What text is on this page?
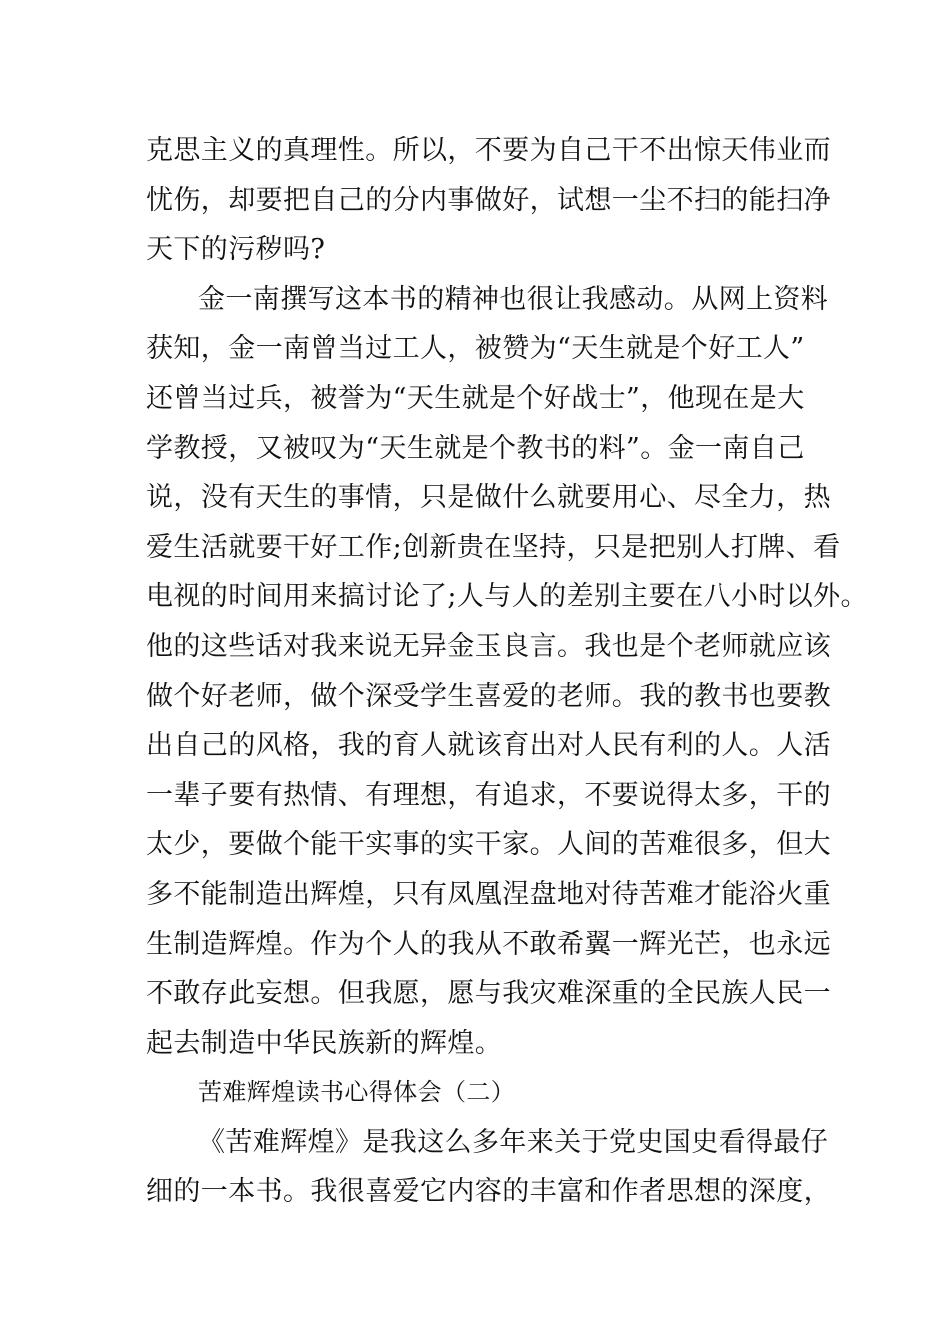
克思主义的真理性。所以，不要为自己干不出惊天伟业而
忧伤，却要把自己的分内事做好，试想一尘不扫的能扫净
天下的污秽吗?
金一南撰写这本书的精神也很让我感动。从网上资料
获知，金一南曾当过工人，被赞为“天生就是个好工人”
还曾当过兵，被誉为“天生就是个好战士”，他现在是大
学教授，又被叹为“天生就是个教书的料”。金一南自己
说，没有天生的事情，只是做什么就要用心、尽全力，热
爱生活就要干好工作;创新贵在坚持，只是把别人打牌、看
电视的时间用来搞讨论了;人与人的差别主要在八小时以外。
他的这些话对我来说无异金玉良言。我也是个老师就应该
做个好老师，做个深受学生喜爱的老师。我的教书也要教
出自己的风格，我的育人就该育出对人民有利的人。人活
一辈子要有热情、有理想，有追求，不要说得太多，干的
太少，要做个能干实事的实干家。人间的苦难很多，但大
多不能制造出辉煌，只有凤凰涅盘地对待苦难才能浴火重
生制造辉煌。作为个人的我从不敢希翼一辉光芒，也永远
不敢存此妄想。但我愿，愿与我灾难深重的全民族人民一
起去制造中华民族新的辉煌。
苦难辉煌读书心得体会（二）
《苦难辉煌》是我这么多年来关于党史国史看得最仔
细的一本书。我很喜爱它内容的丰富和作者思想的深度，
